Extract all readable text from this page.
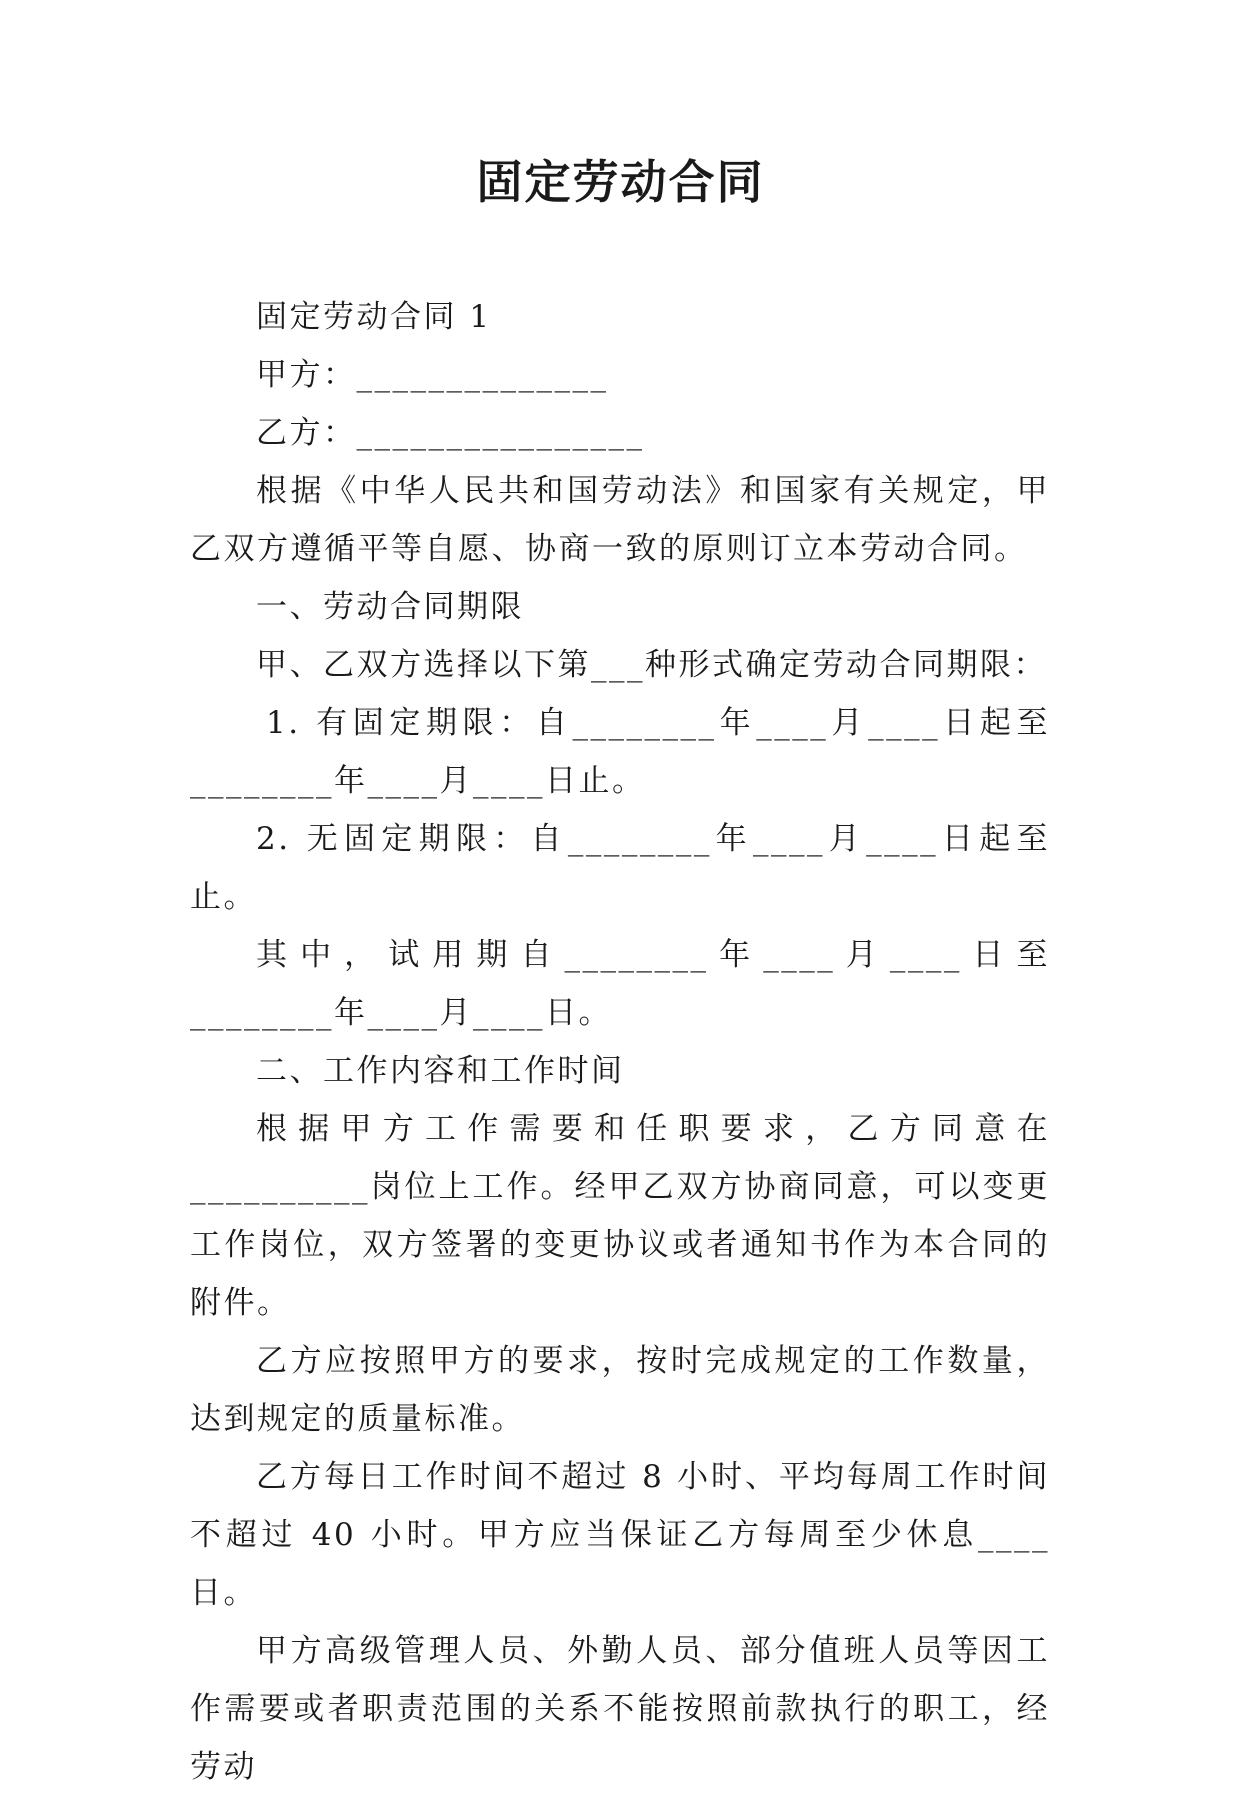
固定劳动合同

固定劳动合同 1

甲方：______________

乙方：________________

根据《中华人民共和国劳动法》和国家有关规定，甲乙双方遵循平等自愿、协商一致的原则订立本劳动合同。

一、劳动合同期限

甲、乙双方选择以下第___种形式确定劳动合同期限：

1. 有固定期限：自________年____月____日起至________年____月____日止。

2. 无固定期限：自________年____月____日起至止。

其中，试用期自________年____月____日至________年____月____日。

二、工作内容和工作时间

根据甲方工作需要和任职要求，乙方同意在__________岗位上工作。经甲乙双方协商同意，可以变更工作岗位，双方签署的变更协议或者通知书作为本合同的附件。

乙方应按照甲方的要求，按时完成规定的工作数量，达到规定的质量标准。

乙方每日工作时间不超过 8 小时、平均每周工作时间不超过 40 小时。甲方应当保证乙方每周至少休息____日。

甲方高级管理人员、外勤人员、部分值班人员等因工作需要或者职责范围的关系不能按照前款执行的职工，经劳动
